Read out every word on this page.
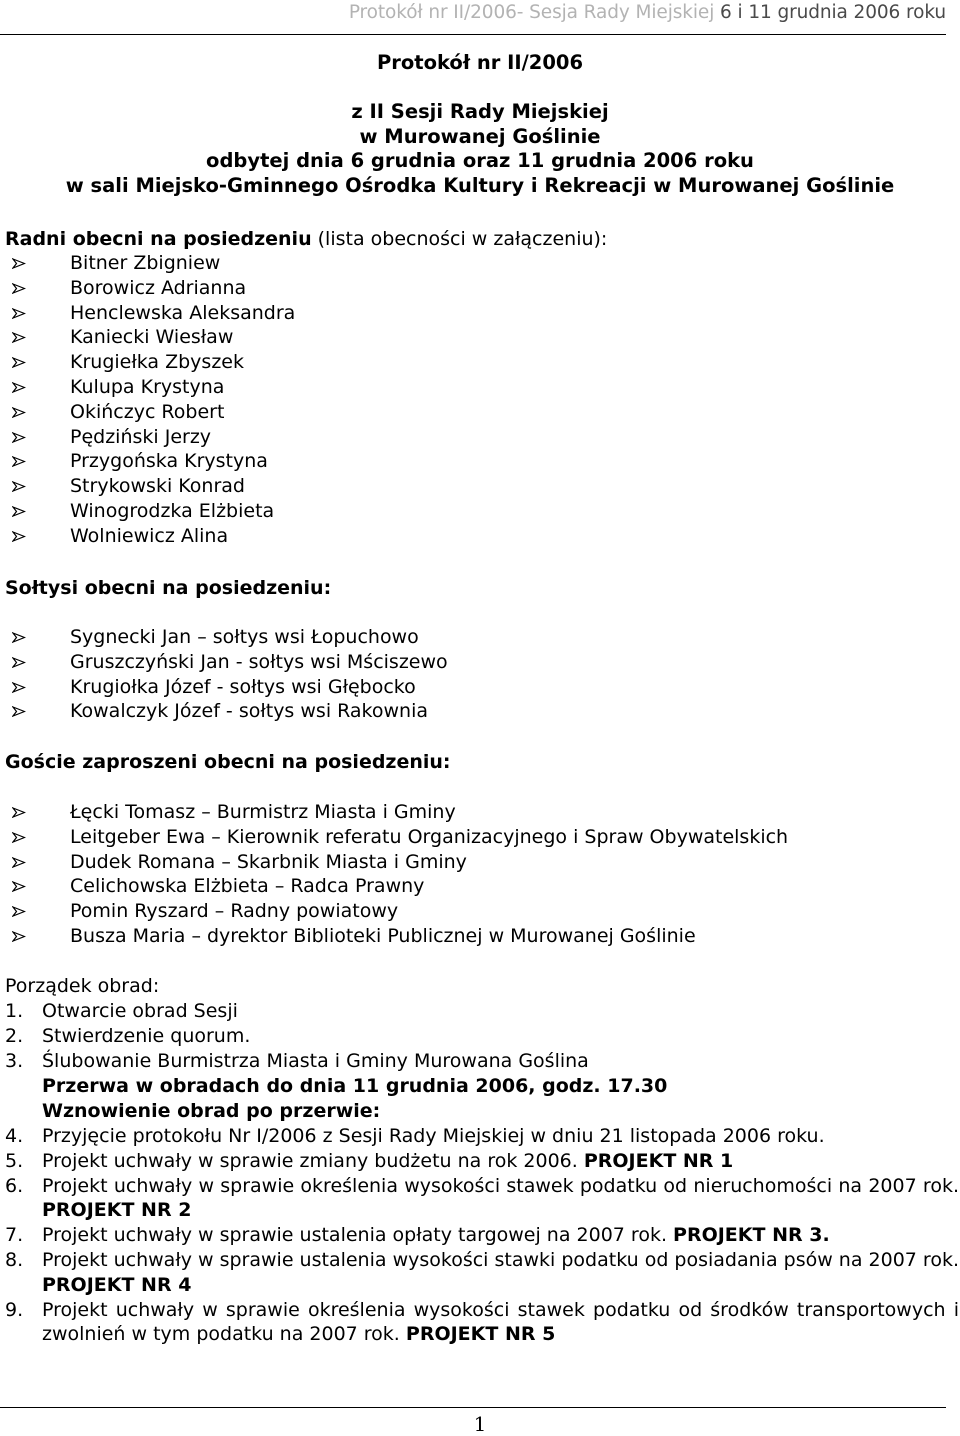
Protokół nr II/2006- Sesja Rady Miejskiej 6 i 11 grudnia 2006 roku
Protokół nr II/2006
z II Sesji Rady Miejskiej
w Murowanej Goślinie
odbytej dnia 6 grudnia oraz 11 grudnia 2006 roku
w sali Miejsko-Gminnego Ośrodka Kultury i Rekreacji w Murowanej Goślinie
Radni obecni na posiedzeniu (lista obecności w załączeniu):
Bitner Zbigniew
Borowicz Adrianna
Henclewska Aleksandra
Kaniecki Wiesław
Krugiełka Zbyszek
Kulupa Krystyna
Okińczyc Robert
Pędziński Jerzy
Przygońska Krystyna
Strykowski Konrad
Winogrodzka Elżbieta
Wolniewicz Alina
Sołtysi obecni na posiedzeniu:
Sygnecki Jan – sołtys wsi Łopuchowo
Gruszczyński Jan - sołtys wsi Mściszewo
Krugiołka Józef - sołtys wsi Głębocko
Kowalczyk Józef - sołtys wsi Rakownia
Goście zaproszeni obecni na posiedzeniu:
Łęcki Tomasz – Burmistrz Miasta i Gminy
Leitgeber Ewa – Kierownik referatu Organizacyjnego i Spraw Obywatelskich
Dudek Romana – Skarbnik Miasta i Gminy
Celichowska Elżbieta – Radca Prawny
Pomin Ryszard – Radny powiatowy
Busza Maria – dyrektor Biblioteki Publicznej w Murowanej Goślinie
Porządek obrad:
1. Otwarcie obrad Sesji
2. Stwierdzenie quorum.
3. Ślubowanie Burmistrza Miasta i Gminy Murowana Goślina
Przerwa w obradach do dnia 11 grudnia 2006, godz. 17.30
Wznowienie obrad po przerwie:
4. Przyjęcie protokołu Nr I/2006 z Sesji Rady Miejskiej w dniu 21 listopada 2006 roku.
5. Projekt uchwały w sprawie zmiany budżetu na rok 2006. PROJEKT NR 1
6. Projekt uchwały w sprawie określenia wysokości stawek podatku od nieruchomości na 2007 rok. PROJEKT NR 2
7. Projekt uchwały w sprawie ustalenia opłaty targowej na 2007 rok. PROJEKT NR 3.
8. Projekt uchwały w sprawie ustalenia wysokości stawki podatku od posiadania psów na 2007 rok. PROJEKT NR 4
9. Projekt uchwały w sprawie określenia wysokości stawek podatku od środków transportowych i zwolnień w tym podatku na 2007 rok. PROJEKT NR 5
1
